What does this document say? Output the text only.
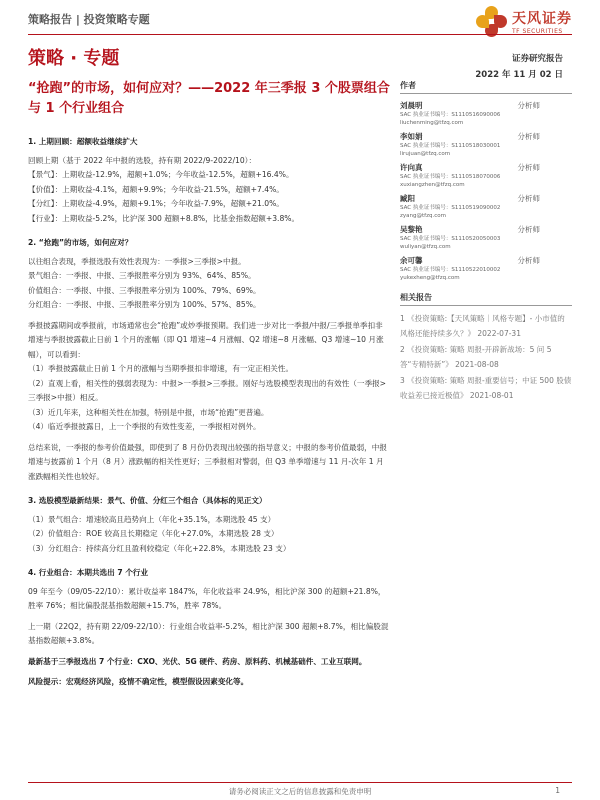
策略报告 | 投资策略专题	天风证券
TF SECURITIES
策略 · 专题	证券研究报告
2022 年 11 月 02 日
“抢跑”的市场，如何应对？——2022 年三季报 3 个股票组合与 1 个行业组合
1. 上期回顾：超额收益继续扩大
回顾上期（基于 2022 年中报的选股，持有期 2022/9-2022/10）：
【景气】：上期收益-12.9%，超额+1.0%；今年收益-12.5%，超额+16.4%。
【价值】：上期收益-4.1%，超额+9.9%；今年收益-21.5%，超额+7.4%。
【分红】：上期收益-4.9%，超额+9.1%；今年收益-7.9%，超额+21.0%。
【行业】：上期收益-5.2%，比沪深 300 超额+8.8%，比基金指数超额+3.8%。
2. “抢跑”的市场，如何应对？
以往组合表现，季报选股有效性表现为：一季报>三季报>中报。
景气组合：一季报、中报、三季报胜率分别为 93%、64%、85%。
价值组合：一季报、中报、三季报胜率分别为 100%、79%、69%。
分红组合：一季报、中报、三季报胜率分别为 100%、57%、85%。
季报披露期间或季报前，市场通常也会“抢跑”或炒季报预期。我们进一步对比一季报/中报/三季报单季扣非增速与季报披露截止日前 1 个月的涨幅（即 Q1 增速~4 月涨幅、Q2 增速~8 月涨幅、Q3 增速~10 月涨幅），可以看到：
（1）季报披露截止日前 1 个月的涨幅与当期季报扣非增速，有一定正相关性。
（2）直观上看，相关性的强弱表现为：中报>一季报>三季报。刚好与选股模型表现出的有效性（一季报>三季报>中报）相反。
（3）近几年来，这种相关性在加强，特别是中报，市场“抢跑”更普遍。
（4）临近季报披露日，上一个季报的有效性变差，一季报相对例外。
总结来说，一季报的参考价值最强，即使到了 8 月份仍表现出较强的指导意义；中报的参考价值最弱，中报增速与披露前 1 个月（8 月）涨跌幅的相关性更好；三季报相对警弱，但 Q3 单季增速与 11 月-次年 1 月涨跌幅相关性也较好。
3. 选股模型最新结果：景气、价值、分红三个组合（具体标的见正文）
（1）景气组合：增速较高且趋势向上（年化+35.1%，本期选股 45 支）
（2）价值组合：ROE 较高且长期稳定（年化+27.0%，本期选股 28 支）
（3）分红组合：持续高分红且盈利较稳定（年化+22.8%，本期选股 23 支）
4. 行业组合：本期共选出 7 个行业
09 年至今（09/05-22/10）：累计收益率 1847%，年化收益率 24.9%，相比沪深 300 的超额+21.8%，胜率 76%；相比偏股混基指数超额+15.7%，胜率 78%。
上一期（22Q2，持有期 22/09-22/10）：行业组合收益率-5.2%，相比沪深 300 超额+8.7%，相比偏股混基指数超额+3.8%。
最新基于三季报选出 7 个行业：CXO、光伏、5G 硬件、药房、原料药、机械基础件、工业互联网。
风险提示：宏观经济风险，疫情不确定性，模型假设因素变化等。
作者
刘晨明	分析师
SAC 执业证书编号：S1110516090006
liuchenming@tfzq.com
李如娟	分析师
SAC 执业证书编号：S1110518030001
lirujuan@tfzq.com
许向真	分析师
SAC 执业证书编号：S1110518070006
xuxiangzhen@tfzq.com
臧阳	分析师
SAC 执业证书编号：S1110519090002
zyang@tfzq.com
吴黎艳	分析师
SAC 执业证书编号：S1110520050003
wuliyan@tfzq.com
余可馨	分析师
SAC 执业证书编号：S1110522010002
yukexheng@tfzq.com
相关报告
1 《投资策略:【天风策略｜风格专题】- 小市值的风格还能持续多久？》 2022-07-31
2 《投资策略: 策略 周报-开辟新战场：5 问 5 答“专精特新”》 2021-08-08
3 《投资策略: 策略 周报-重要信号；中证 500 股债收益差已接近极值》 2021-08-01
请务必阅读正文之后的信息披露和免责申明	1
